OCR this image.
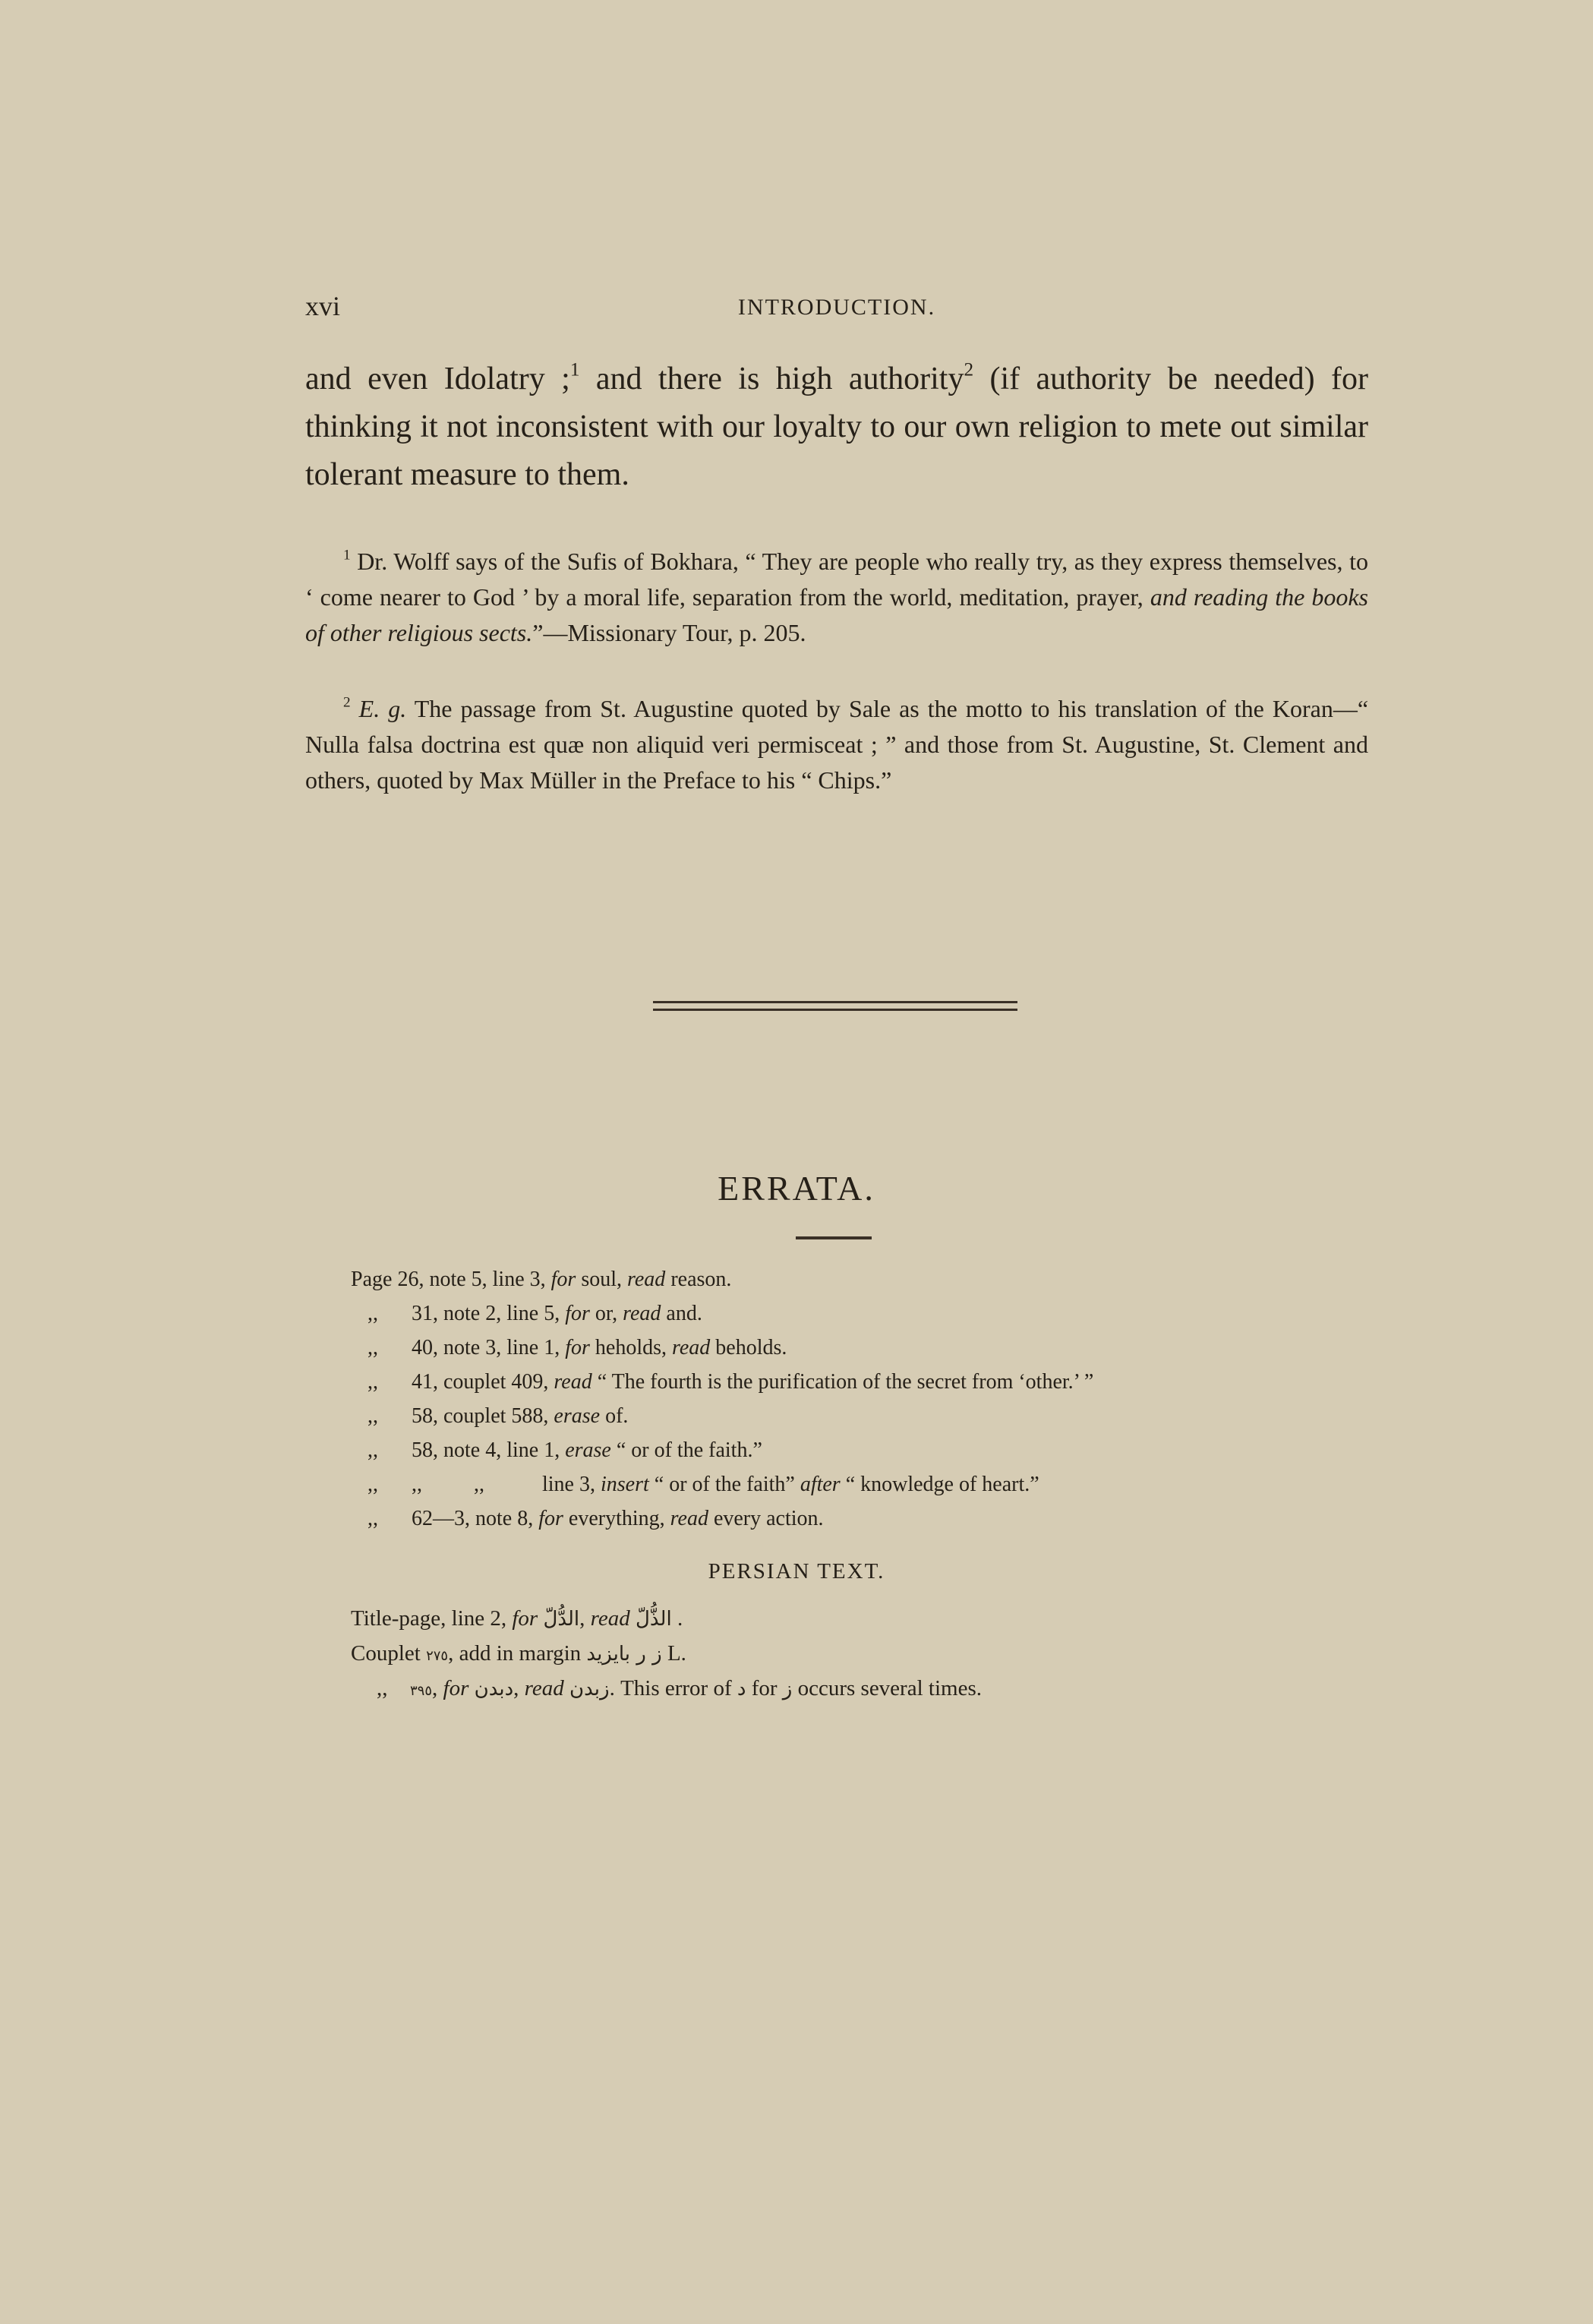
xvi	INTRODUCTION.

and even Idolatry ;$^1$ and there is high authority$^2$ (if authority be needed) for thinking it not inconsistent with our loyalty to our own religion to mete out similar tolerant measure to them.

$^1$ Dr. Wolff says of the Sufis of Bokhara, “ They are people who really try, as they express themselves, to ‘ come nearer to God ’ by a moral life, separation from the world, meditation, prayer, and reading the books of other religious sects.”—Missionary Tour, p. 205.

$^2$ E. g. The passage from St. Augustine quoted by Sale as the motto to his translation of the Koran—“ Nulla falsa doctrina est quæ non aliquid veri permisceat ; ” and those from St. Augustine, St. Clement and others, quoted by Max Müller in the Preface to his “ Chips.”

ERRATA.
Page 26, note 5, line 3, for soul, read reason.
,, 31, note 2, line 5, for or, read and.
,, 40, note 3, line 1, for heholds, read beholds.
,, 41, couplet 409, read “ The fourth is the purification of the secret from ‘other.’ ”
,, 58, couplet 588, erase of.
,, 58, note 4, line 1, erase “ or of the faith.”
,, ,, ,,	line 3, insert “ or of the faith” after “ knowledge of heart.”
,, 62—3, note 8, for everything, read every action.
PERSIAN TEXT.
Title-page, line 2, for الدُّلّ, read الذُّلّ .
Couplet ٢٧٥, add in margin ز ر بایزید L.
,, ٣٩٥, for دبدن, read زبدن. This error of د for ز occurs several times.
